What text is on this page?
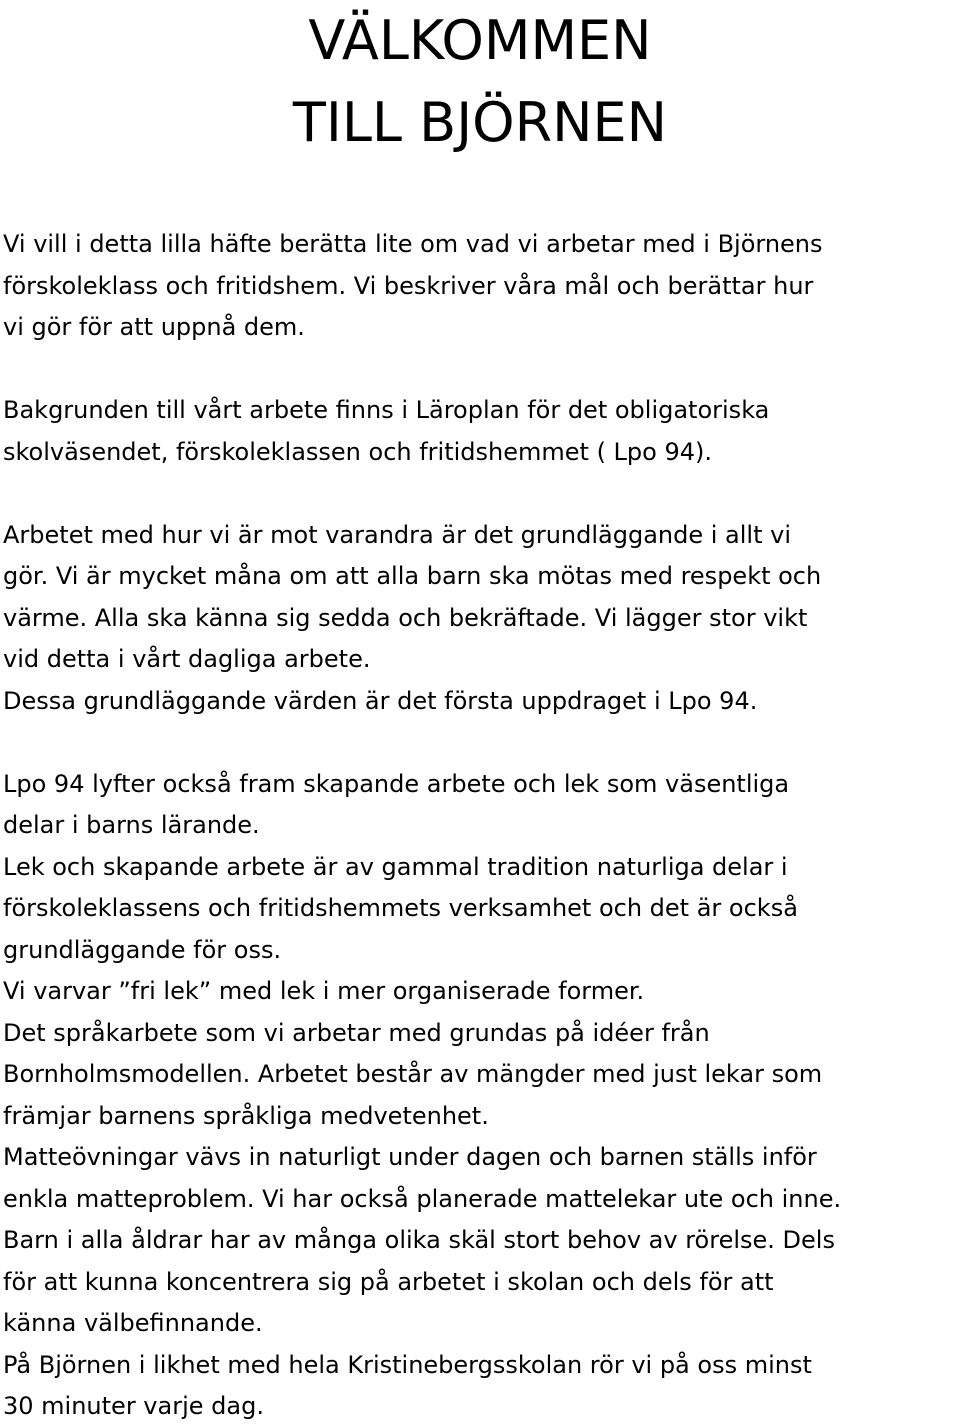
VÄLKOMMEN
TILL BJÖRNEN
Vi vill i detta lilla häfte berätta lite om vad vi arbetar med i Björnens
förskoleklass och fritidshem. Vi beskriver våra mål och berättar hur
vi gör för att uppnå dem.
Bakgrunden till vårt arbete finns i Läroplan för det obligatoriska
skolväsendet, förskoleklassen och fritidshemmet ( Lpo 94).
Arbetet med hur vi är mot varandra är det grundläggande i allt vi
gör. Vi är mycket måna om att alla barn ska mötas med respekt och
värme. Alla ska känna sig sedda och bekräftade. Vi lägger stor vikt
vid detta i vårt dagliga arbete.
Dessa grundläggande värden är det första uppdraget i Lpo 94.
Lpo 94 lyfter också fram skapande arbete och lek som väsentliga
delar i barns lärande.
Lek och skapande arbete är av gammal tradition naturliga delar i
förskoleklassens och fritidshemmets verksamhet och det är också
grundläggande för oss.
Vi varvar ”fri lek” med lek i mer organiserade former.
Det språkarbete som vi arbetar med grundas på idéer från
Bornholmsmodellen. Arbetet består av mängder med just lekar som
främjar barnens språkliga medvetenhet.
Matteövningar vävs in naturligt under dagen och barnen ställs inför
enkla matteproblem. Vi har också planerade mattelekar ute och inne.
Barn i alla åldrar har av många olika skäl stort behov av rörelse. Dels
för att kunna koncentrera sig på arbetet i skolan och dels för att
känna välbefinnande.
På Björnen i likhet med hela Kristinebergsskolan rör vi på oss minst
30 minuter varje dag.
